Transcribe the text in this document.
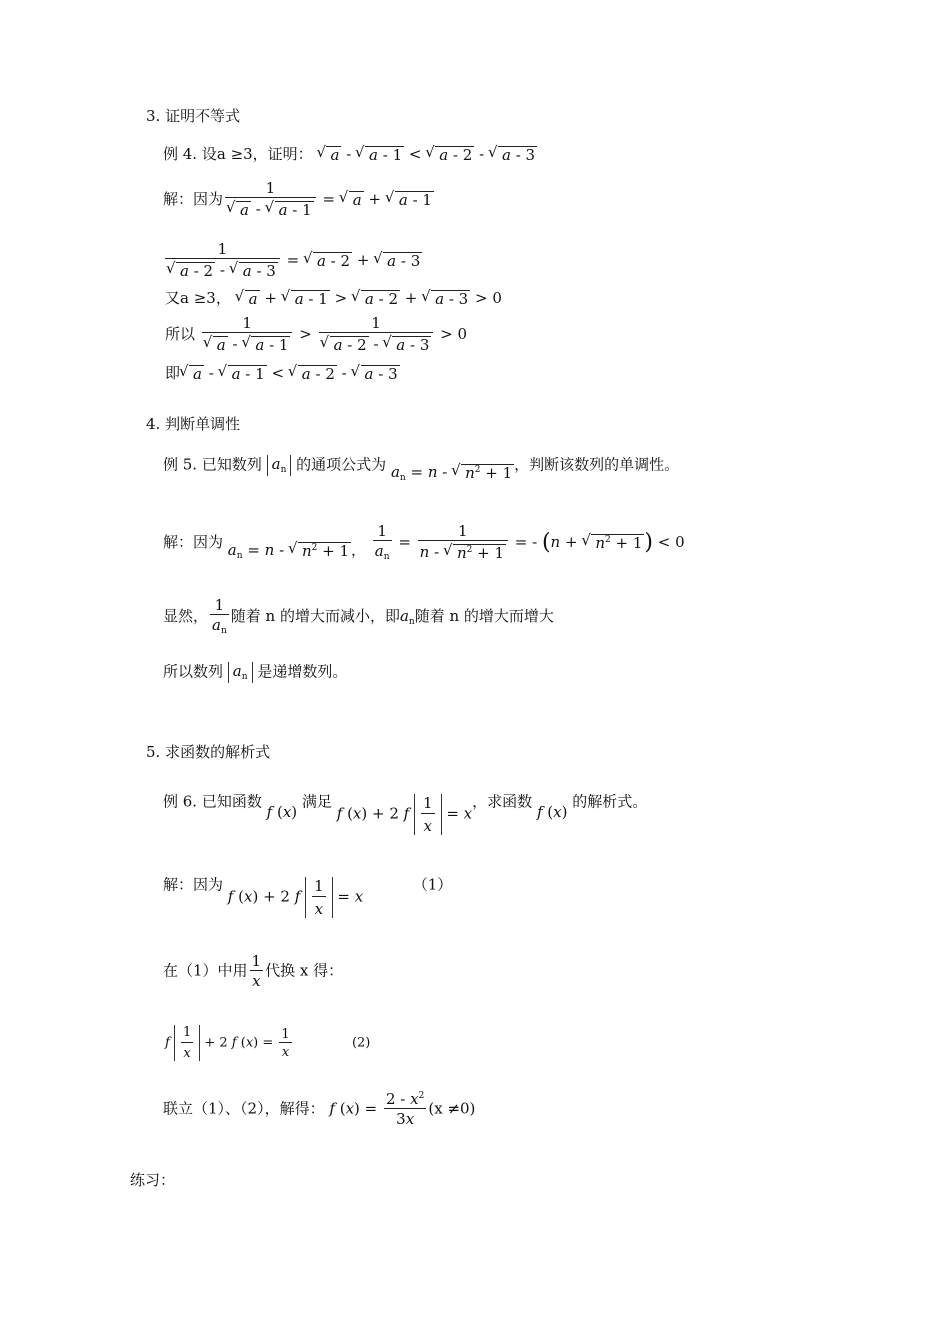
3. 证明不等式
例 4. 设a ≥3，证明： √ a - √ a - 1 < √ a - 2 - √ a - 3
解：因为 1
√ a - √ a - 1 = √ a + √ a - 1
1
√ a - 2 - √ a - 3 = √ a - 2 + √ a - 3
又a ≥3， √ a + √ a - 1 > √ a - 2 + √ a - 3 > 0
所以 1
√ a - √ a - 1 > 1
√ a - 2 - √ a - 3 > 0
即 √ a - √ a - 1 < √ a - 2 - √ a - 3
4. 判断单调性
例 5. 已知数列 $a_n$ 的通项公式为 $a_n = n$ - √ $n^2 + 1$ ，判断该数列的单调性。
解：因为 $a_n = n$ - √ $n^2 + 1$ ， $\frac{1}{a_n} = \frac{1}{n - √ n^2 + 1}$ = - (n + √ $n^2 + 1) < 0$
显然， $\frac{1}{a_n}$ 随着 n 的增大而减小，即$a_n$随着 n 的增大而增大
所以数列 $a_n$ 是递增数列。
5. 求函数的解析式
例 6. 已知函数 f (x) 满足 f (x) + 2 f $\frac{1}{x} = x$，求函数 f (x) 的解析式。
解：因为 f (x) + 2 f $\frac{1}{x} = x$  （1）
在（1）中用 $\frac{1}{x}$ 代换 x 得：
f $\frac{1}{x} + 2$ f $(x) = \frac{1}{x}$	(2)
联立（1）、（2），解得： f $(x) = \frac{2 - x^2}{3x} (x \ne 0)$
练习：
